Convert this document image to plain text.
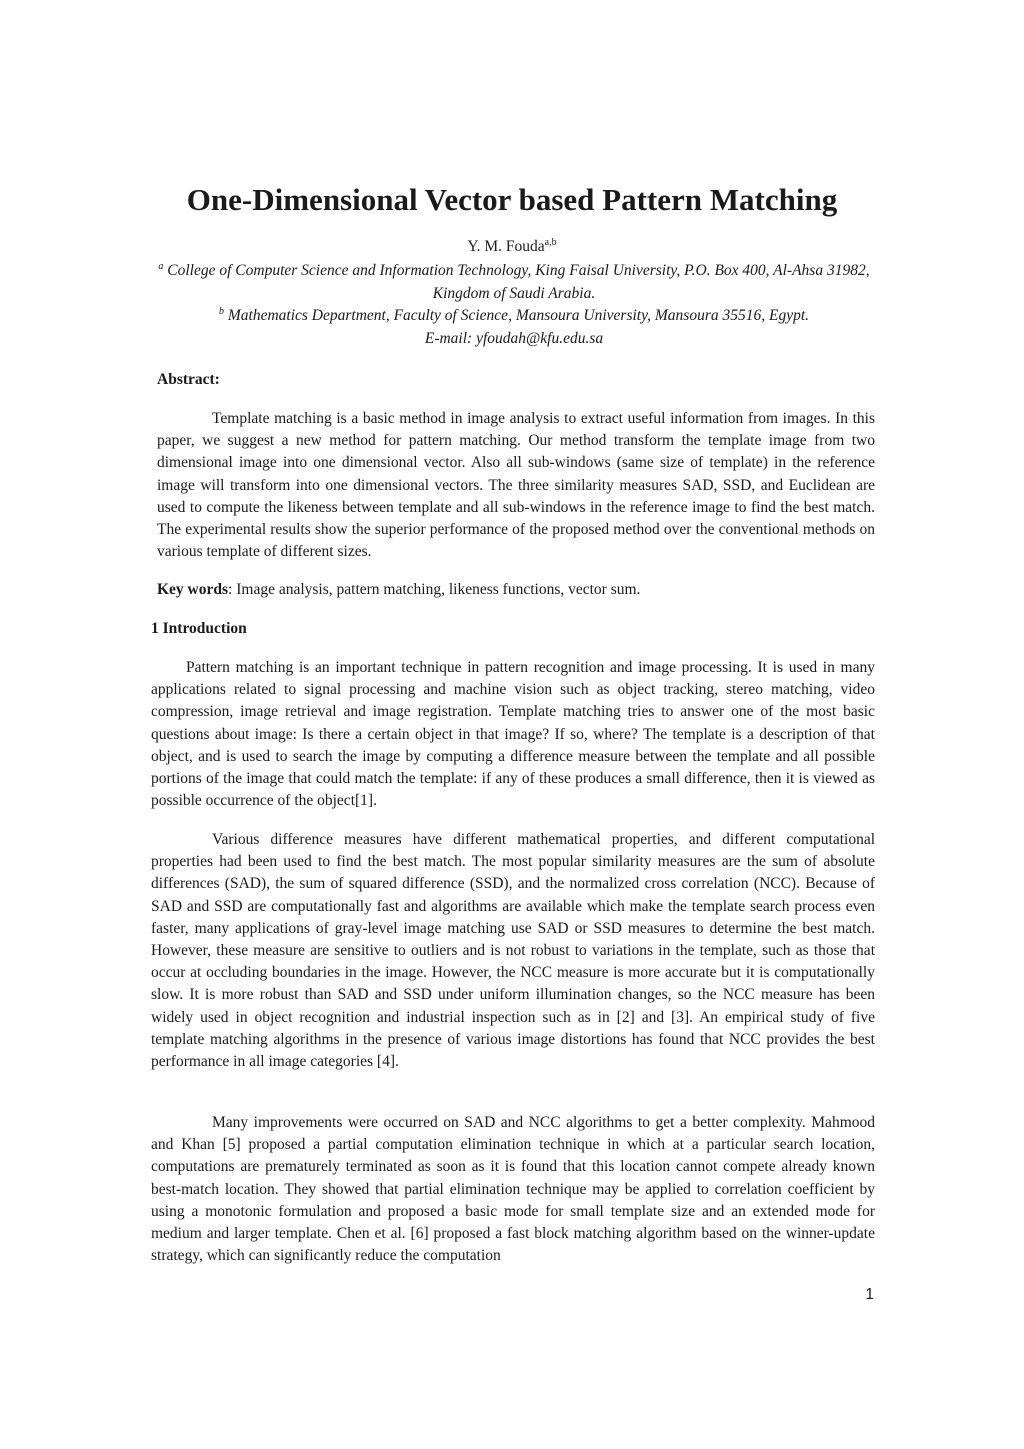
One-Dimensional Vector based Pattern Matching
Y. M. Fouda$^{a,b}$

$^a$ College of Computer Science and Information Technology, King Faisal University, P.O. Box 400, Al-Ahsa 31982, Kingdom of Saudi Arabia.

$^b$ Mathematics Department, Faculty of Science, Mansoura University, Mansoura 35516, Egypt.

E-mail: yfoudah@kfu.edu.sa

Abstract:

Template matching is a basic method in image analysis to extract useful information from images. In this paper, we suggest a new method for pattern matching. Our method transform the template image from two dimensional image into one dimensional vector. Also all sub-windows (same size of template) in the reference image will transform into one dimensional vectors. The three similarity measures SAD, SSD, and Euclidean are used to compute the likeness between template and all sub-windows in the reference image to find the best match. The experimental results show the superior performance of the proposed method over the conventional methods on various template of different sizes.

Key words: Image analysis, pattern matching, likeness functions, vector sum.

1 Introduction

Pattern matching is an important technique in pattern recognition and image processing. It is used in many applications related to signal processing and machine vision such as object tracking, stereo matching, video compression, image retrieval and image registration. Template matching tries to answer one of the most basic questions about image: Is there a certain object in that image? If so, where? The template is a description of that object, and is used to search the image by computing a difference measure between the template and all possible portions of the image that could match the template: if any of these produces a small difference, then it is viewed as possible occurrence of the object[1].

Various difference measures have different mathematical properties, and different computational properties had been used to find the best match. The most popular similarity measures are the sum of absolute differences (SAD), the sum of squared difference (SSD), and the normalized cross correlation (NCC). Because of SAD and SSD are computationally fast and algorithms are available which make the template search process even faster, many applications of gray-level image matching use SAD or SSD measures to determine the best match. However, these measure are sensitive to outliers and is not robust to variations in the template, such as those that occur at occluding boundaries in the image. However, the NCC measure is more accurate but it is computationally slow. It is more robust than SAD and SSD under uniform illumination changes, so the NCC measure has been widely used in object recognition and industrial inspection such as in [2] and [3]. An empirical study of five template matching algorithms in the presence of various image distortions has found that NCC provides the best performance in all image categories [4].

Many improvements were occurred on SAD and NCC algorithms to get a better complexity. Mahmood and Khan [5] proposed a partial computation elimination technique in which at a particular search location, computations are prematurely terminated as soon as it is found that this location cannot compete already known best-match location. They showed that partial elimination technique may be applied to correlation coefficient by using a monotonic formulation and proposed a basic mode for small template size and an extended mode for medium and larger template. Chen et al. [6] proposed a fast block matching algorithm based on the winner-update strategy, which can significantly reduce the computation

1
